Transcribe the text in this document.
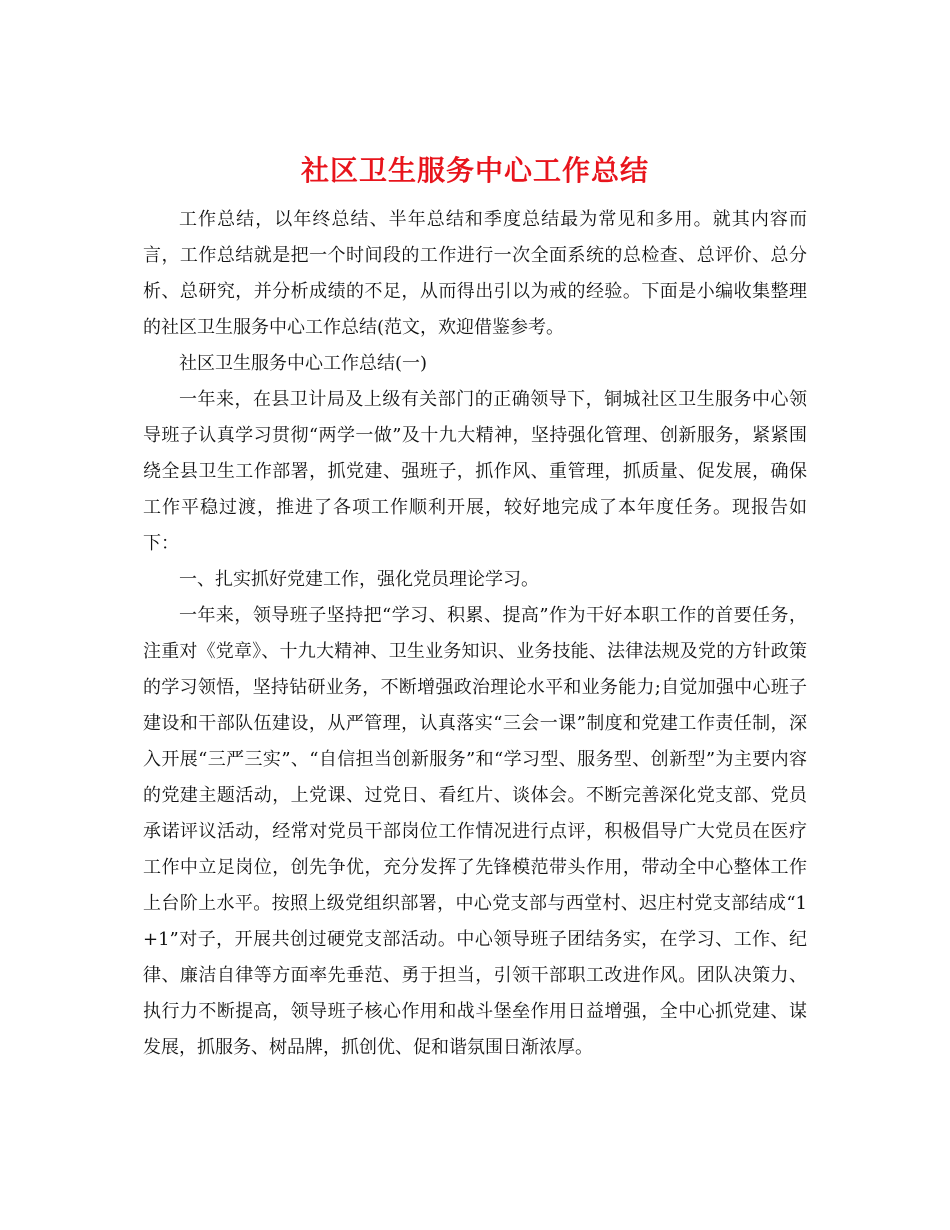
社区卫生服务中心工作总结

工作总结，以年终总结、半年总结和季度总结最为常见和多用。就其内容而言，工作总结就是把一个时间段的工作进行一次全面系统的总检查、总评价、总分析、总研究，并分析成绩的不足，从而得出引以为戒的经验。下面是小编收集整理的社区卫生服务中心工作总结(范文，欢迎借鉴参考。

社区卫生服务中心工作总结(一)

一年来，在县卫计局及上级有关部门的正确领导下，铜城社区卫生服务中心领导班子认真学习贯彻“两学一做”及十九大精神，坚持强化管理、创新服务，紧紧围绕全县卫生工作部署，抓党建、强班子，抓作风、重管理，抓质量、促发展，确保工作平稳过渡，推进了各项工作顺利开展，较好地完成了本年度任务。现报告如下：

一、扎实抓好党建工作，强化党员理论学习。

一年来，领导班子坚持把“学习、积累、提高”作为干好本职工作的首要任务，注重对《党章》、十九大精神、卫生业务知识、业务技能、法律法规及党的方针政策的学习领悟，坚持钻研业务，不断增强政治理论水平和业务能力;自觉加强中心班子建设和干部队伍建设，从严管理，认真落实“三会一课”制度和党建工作责任制，深入开展“三严三实”、“自信担当创新服务”和“学习型、服务型、创新型”为主要内容的党建主题活动，上党课、过党日、看红片、谈体会。不断完善深化党支部、党员承诺评议活动，经常对党员干部岗位工作情况进行点评，积极倡导广大党员在医疗工作中立足岗位，创先争优，充分发挥了先锋模范带头作用，带动全中心整体工作上台阶上水平。按照上级党组织部署，中心党支部与西堂村、迟庄村党支部结成“1+1”对子，开展共创过硬党支部活动。中心领导班子团结务实，在学习、工作、纪律、廉洁自律等方面率先垂范、勇于担当，引领干部职工改进作风。团队决策力、执行力不断提高，领导班子核心作用和战斗堡垒作用日益增强，全中心抓党建、谋发展，抓服务、树品牌，抓创优、促和谐氛围日渐浓厚。
